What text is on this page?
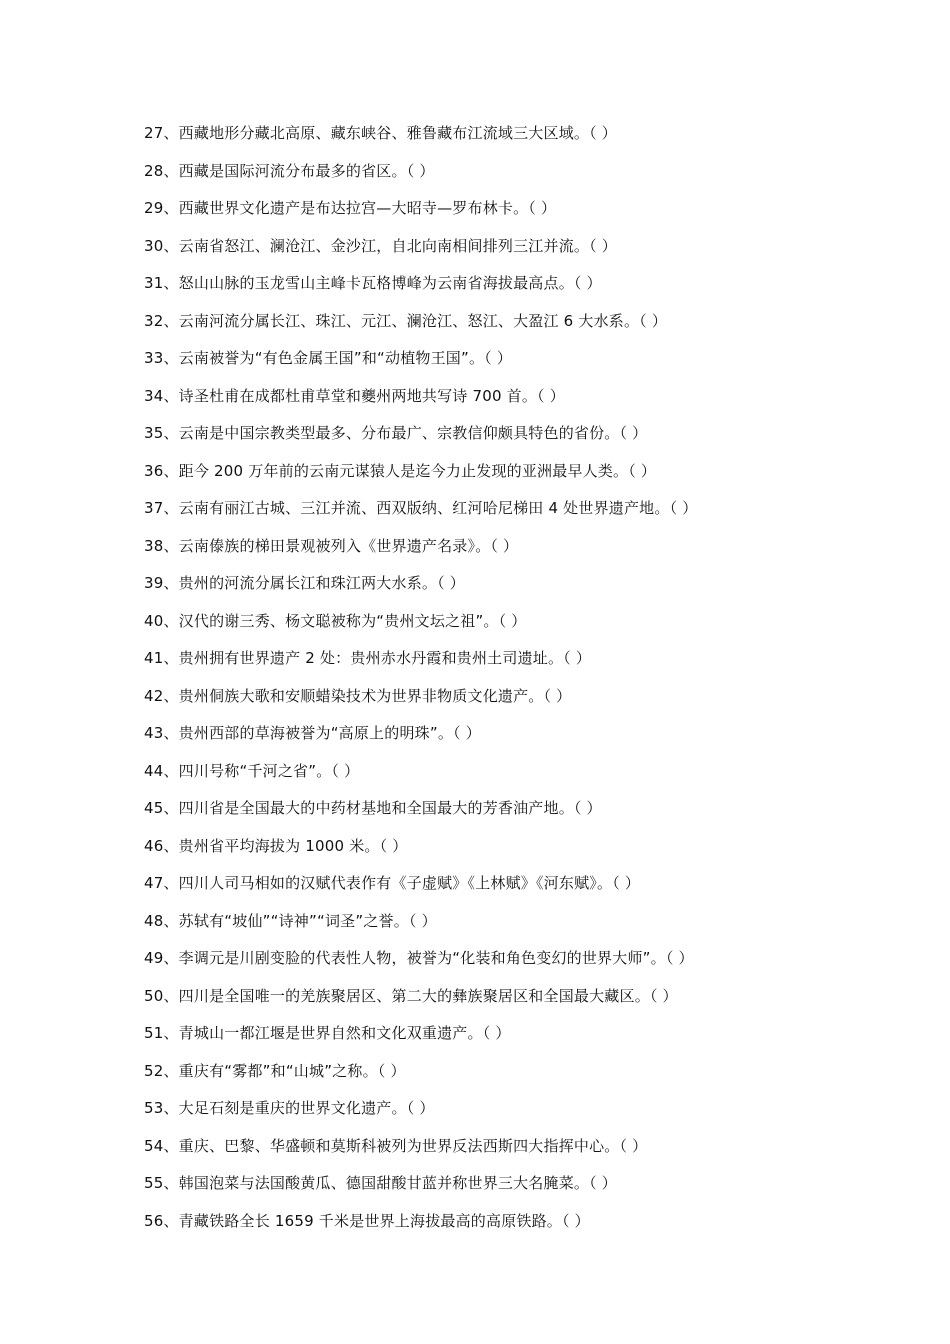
27、西藏地形分藏北高原、藏东峡谷、雅鲁藏布江流域三大区域。（ ）
28、西藏是国际河流分布最多的省区。（ ）
29、西藏世界文化遗产是布达拉宫—大昭寺—罗布林卡。（ ）
30、云南省怒江、澜沧江、金沙江，自北向南相间排列三江并流。（ ）
31、怒山山脉的玉龙雪山主峰卡瓦格博峰为云南省海拔最高点。（ ）
32、云南河流分属长江、珠江、元江、澜沧江、怒江、大盈江 6 大水系。（ ）
33、云南被誉为“有色金属王国”和“动植物王国”。（ ）
34、诗圣杜甫在成都杜甫草堂和夔州两地共写诗 700 首。（ ）
35、云南是中国宗教类型最多、分布最广、宗教信仰颇具特色的省份。（ ）
36、距今 200 万年前的云南元谋猿人是迄今力止发现的亚洲最早人类。（ ）
37、云南有丽江古城、三江并流、西双版纳、红河哈尼梯田 4 处世界遗产地。（ ）
38、云南傣族的梯田景观被列入《世界遗产名录》。（ ）
39、贵州的河流分属长江和珠江两大水系。（ ）
40、汉代的谢三秀、杨文聪被称为“贵州文坛之祖”。（ ）
41、贵州拥有世界遗产 2 处：贵州赤水丹霞和贵州土司遗址。（ ）
42、贵州侗族大歌和安顺蜡染技术为世界非物质文化遗产。（ ）
43、贵州西部的草海被誉为“高原上的明珠”。（ ）
44、四川号称“千河之省”。（ ）
45、四川省是全国最大的中药材基地和全国最大的芳香油产地。（ ）
46、贵州省平均海拔为 1000 米。（ ）
47、四川人司马相如的汉赋代表作有《子虚赋》《上林赋》《河东赋》。（ ）
48、苏轼有“坡仙”“诗神”“词圣”之誉。（ ）
49、李调元是川剧变脸的代表性人物，被誉为“化装和角色变幻的世界大师”。（ ）
50、四川是全国唯一的羌族聚居区、第二大的彝族聚居区和全国最大藏区。（ ）
51、青城山一都江堰是世界自然和文化双重遗产。（ ）
52、重庆有“雾都”和“山城”之称。（ ）
53、大足石刻是重庆的世界文化遗产。（ ）
54、重庆、巴黎、华盛顿和莫斯科被列为世界反法西斯四大指挥中心。（ ）
55、韩国泡菜与法国酸黄瓜、德国甜酸甘蓝并称世界三大名腌菜。（ ）
56、青藏铁路全长 1659 千米是世界上海拔最高的高原铁路。（ ）
